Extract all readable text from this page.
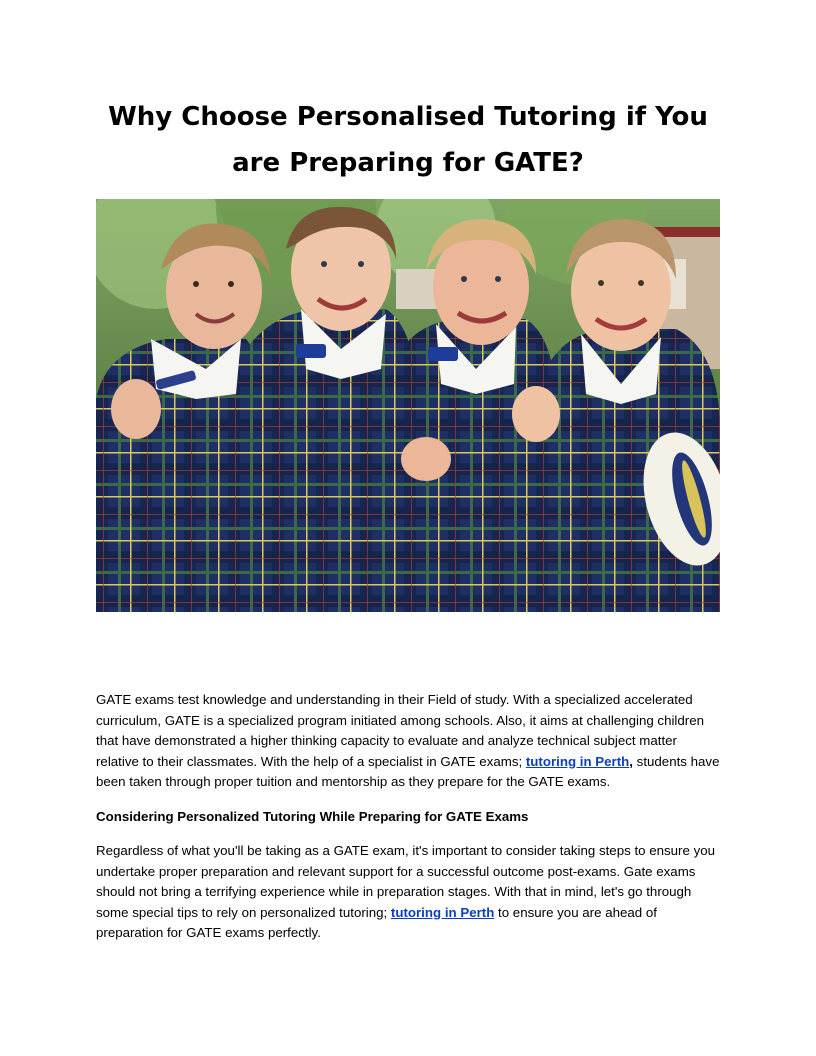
Why Choose Personalised Tutoring if You are Preparing for GATE?

GATE exams test knowledge and understanding in their Field of study. With a specialized accelerated curriculum, GATE is a specialized program initiated among schools. Also, it aims at challenging children that have demonstrated a higher thinking capacity to evaluate and analyze technical subject matter relative to their classmates. With the help of a specialist in GATE exams; tutoring in Perth, students have been taken through proper tuition and mentorship as they prepare for the GATE exams.

Considering Personalized Tutoring While Preparing for GATE Exams

Regardless of what you'll be taking as a GATE exam, it's important to consider taking steps to ensure you undertake proper preparation and relevant support for a successful outcome post-exams. Gate exams should not bring a terrifying experience while in preparation stages. With that in mind, let's go through some special tips to rely on personalized tutoring; tutoring in Perth to ensure you are ahead of preparation for GATE exams perfectly.
